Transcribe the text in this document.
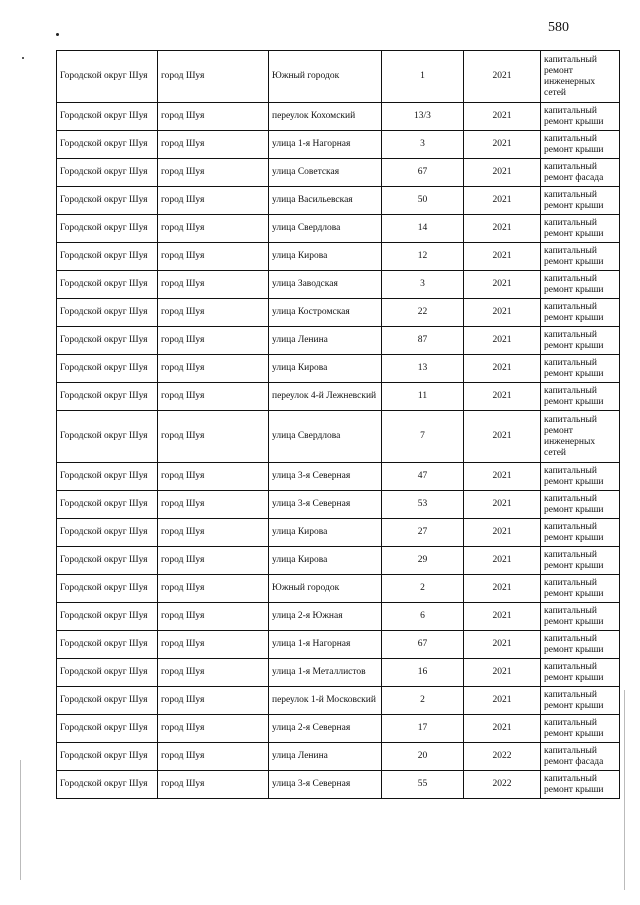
580
Городской округ Шуя	город Шуя	Южный городок	1	2021	капитальный ремонт инженерных сетей
Городской округ Шуя	город Шуя	переулок Кохомский	13/3	2021	капитальный ремонт крыши
Городской округ Шуя	город Шуя	улица 1-я Нагорная	3	2021	капитальный ремонт крыши
Городской округ Шуя	город Шуя	улица Советская	67	2021	капитальный ремонт фасада
Городской округ Шуя	город Шуя	улица Васильевская	50	2021	капитальный ремонт крыши
Городской округ Шуя	город Шуя	улица Свердлова	14	2021	капитальный ремонт крыши
Городской округ Шуя	город Шуя	улица Кирова	12	2021	капитальный ремонт крыши
Городской округ Шуя	город Шуя	улица Заводская	3	2021	капитальный ремонт крыши
Городской округ Шуя	город Шуя	улица Костромская	22	2021	капитальный ремонт крыши
Городской округ Шуя	город Шуя	улица Ленина	87	2021	капитальный ремонт крыши
Городской округ Шуя	город Шуя	улица Кирова	13	2021	капитальный ремонт крыши
Городской округ Шуя	город Шуя	переулок 4-й Лежневский	11	2021	капитальный ремонт крыши
Городской округ Шуя	город Шуя	улица Свердлова	7	2021	капитальный ремонт инженерных сетей
Городской округ Шуя	город Шуя	улица 3-я Северная	47	2021	капитальный ремонт крыши
Городской округ Шуя	город Шуя	улица 3-я Северная	53	2021	капитальный ремонт крыши
Городской округ Шуя	город Шуя	улица Кирова	27	2021	капитальный ремонт крыши
Городской округ Шуя	город Шуя	улица Кирова	29	2021	капитальный ремонт крыши
Городской округ Шуя	город Шуя	Южный городок	2	2021	капитальный ремонт крыши
Городской округ Шуя	город Шуя	улица 2-я Южная	6	2021	капитальный ремонт крыши
Городской округ Шуя	город Шуя	улица 1-я Нагорная	67	2021	капитальный ремонт крыши
Городской округ Шуя	город Шуя	улица 1-я Металлистов	16	2021	капитальный ремонт крыши
Городской округ Шуя	город Шуя	переулок 1-й Московский	2	2021	капитальный ремонт крыши
Городской округ Шуя	город Шуя	улица 2-я Северная	17	2021	капитальный ремонт крыши
Городской округ Шуя	город Шуя	улица Ленина	20	2022	капитальный ремонт фасада
Городской округ Шуя	город Шуя	улица 3-я Северная	55	2022	капитальный ремонт крыши
